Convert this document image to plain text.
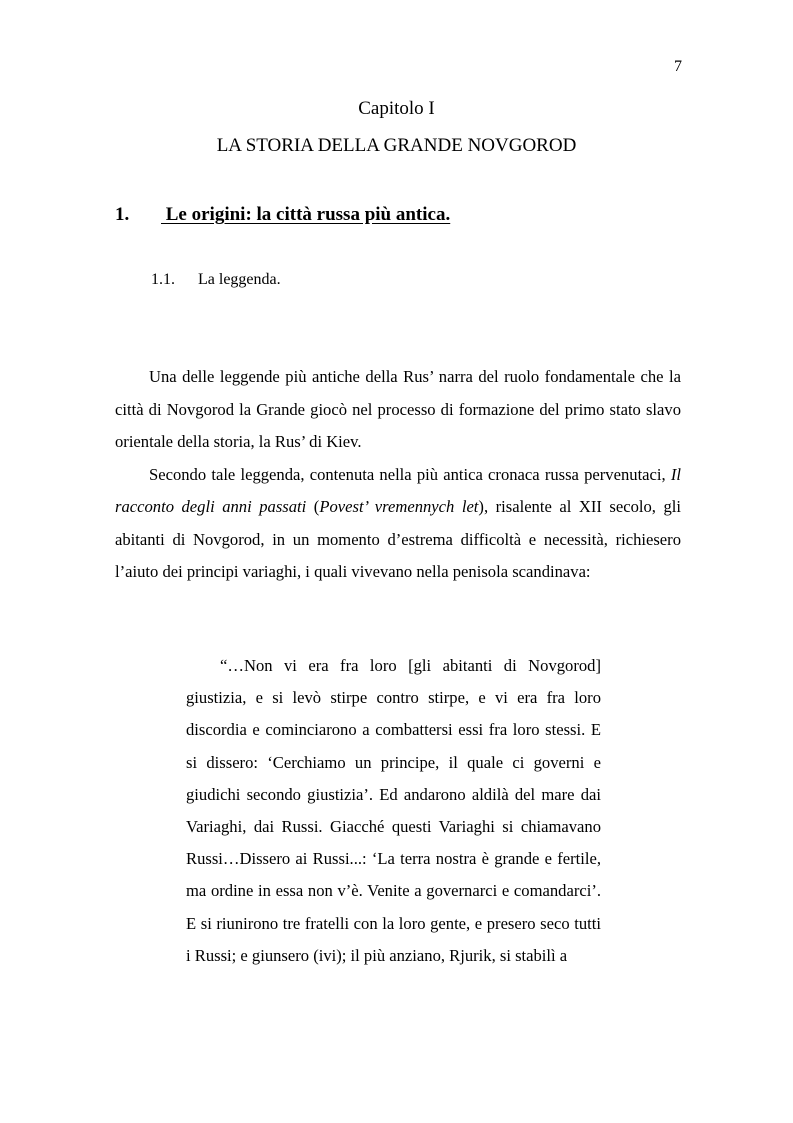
7
Capitolo I
LA STORIA DELLA GRANDE NOVGOROD
1. Le origini: la città russa più antica.
1.1. La leggenda.

Una delle leggende più antiche della Rus’ narra del ruolo fondamentale che la città di Novgorod la Grande giocò nel processo di formazione del primo stato slavo orientale della storia, la Rus’ di Kiev.

Secondo tale leggenda, contenuta nella più antica cronaca russa pervenutaci, Il racconto degli anni passati (Povest’ vremennych let), risalente al XII secolo, gli abitanti di Novgorod, in un momento d’estrema difficoltà e necessità, richiesero l’aiuto dei principi variaghi, i quali vivevano nella penisola scandinava:

“…Non vi era fra loro [gli abitanti di Novgorod] giustizia, e si levò stirpe contro stirpe, e vi era fra loro discordia e cominciarono a combattersi essi fra loro stessi. E si dissero: ‘Cerchiamo un principe, il quale ci governi e giudichi secondo giustizia’. Ed andarono aldilà del mare dai Variaghi, dai Russi. Giacché questi Variaghi si chiamavano Russi…Dissero ai Russi...: ‘La terra nostra è grande e fertile, ma ordine in essa non v’è. Venite a governarci e comandarci’. E si riunirono tre fratelli con la loro gente, e presero seco tutti i Russi; e giunsero (ivi); il più anziano, Rjurik, si stabilì a
